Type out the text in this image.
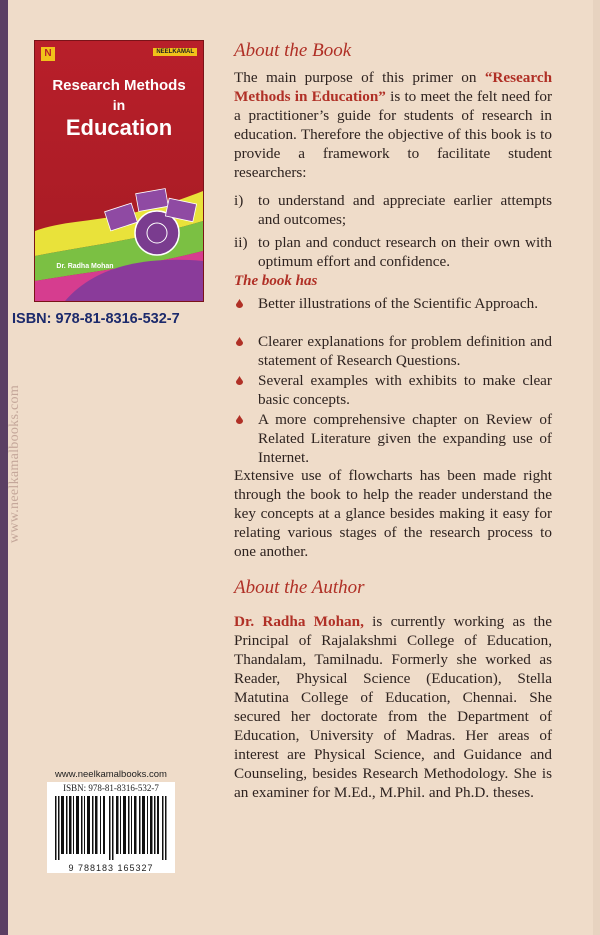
www.neelkamalbooks.com
N	NEELKAMAL
Research Methods
in
Education
Dr. Radha Mohan
ISBN: 978-81-8316-532-7
About the Book
The main purpose of this primer on “Research Methods in Education” is to meet the felt need for a practitioner’s guide for students of research in education. Therefore the objective of this book is to provide a framework to facilitate student researchers:
i) to understand and appreciate earlier attempts and outcomes;
ii) to plan and conduct research on their own with optimum effort and confidence.
The book has
Better illustrations of the Scientific Approach.
Clearer explanations for problem definition and statement of Research Questions.
Several examples with exhibits to make clear basic concepts.
A more comprehensive chapter on Review of Related Literature given the expanding use of Internet.
Extensive use of flowcharts has been made right through the book to help the reader understand the key concepts at a glance besides making it easy for relating various stages of the research process to one another.
About the Author
Dr. Radha Mohan, is currently working as the Principal of Rajalakshmi College of Education, Thandalam, Tamilnadu. Formerly she worked as Reader, Physical Science (Education), Stella Matutina College of Education, Chennai. She secured her doctorate from the Department of Education, University of Madras. Her areas of interest are Physical Science, and Guidance and Counseling, besides Research Methodology. She is an examiner for M.Ed., M.Phil. and Ph.D. theses.
www.neelkamalbooks.com
ISBN: 978-81-8316-532-7
9 788183 165327
